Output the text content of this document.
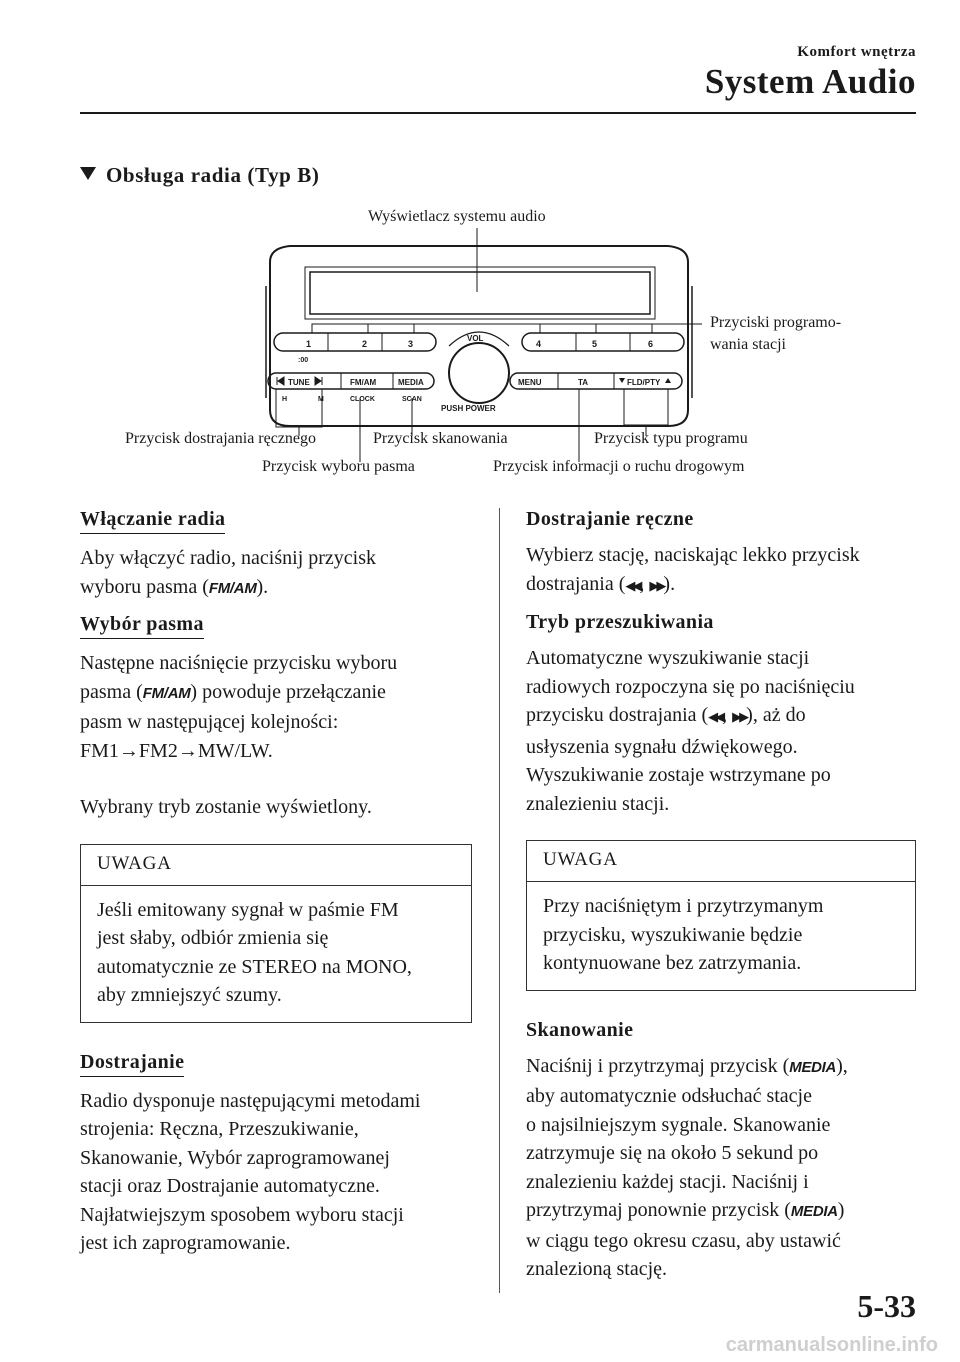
Komfort wnętrza
System Audio
Obsługa radia (Typ B)
1	2	3	4	5	6
:00
VOL
PUSH POWER
TUNE	FM/AM	MEDIA	MENU	TA	FLD/PTY
H	M	CLOCK	SCAN
Wyświetlacz systemu audio
Przyciski programo-
wania stacji
Przycisk dostrajania ręcznego	Przycisk skanowania	Przycisk typu programu
Przycisk wyboru pasma	Przycisk informacji o ruchu drogowym
Włączanie radia

Aby włączyć radio, naciśnij przycisk
wyboru pasma (FM/AM).

Wybór pasma

Następne naciśnięcie przycisku wyboru
pasma (FM/AM) powoduje przełączanie
pasm w następującej kolejności:
FM1→FM2→MW/LW.

Wybrany tryb zostanie wyświetlony.

UWAGA
Jeśli emitowany sygnał w paśmie FM
jest słaby, odbiór zmienia się
automatycznie ze STEREO na MONO,
aby zmniejszyć szumy.
Dostrajanie

Radio dysponuje następującymi metodami
strojenia: Ręczna, Przeszukiwanie,
Skanowanie, Wybór zaprogramowanej
stacji oraz Dostrajanie automatyczne.
Najłatwiejszym sposobem wyboru stacji
jest ich zaprogramowanie.

Dostrajanie ręczne

Wybierz stację, naciskając lekko przycisk
dostrajania (◀◀, ▶▶).

Tryb przeszukiwania

Automatyczne wyszukiwanie stacji
radiowych rozpoczyna się po naciśnięciu
przycisku dostrajania (◀◀, ▶▶), aż do
usłyszenia sygnału dźwiękowego.
Wyszukiwanie zostaje wstrzymane po
znalezieniu stacji.

UWAGA
Przy naciśniętym i przytrzymanym
przycisku, wyszukiwanie będzie
kontynuowane bez zatrzymania.
Skanowanie

Naciśnij i przytrzymaj przycisk (MEDIA),
aby automatycznie odsłuchać stacje
o najsilniejszym sygnale. Skanowanie
zatrzymuje się na około 5 sekund po
znalezieniu każdej stacji. Naciśnij i
przytrzymaj ponownie przycisk (MEDIA)
w ciągu tego okresu czasu, aby ustawić
znalezioną stację.

5-33
carmanualsonline.info
